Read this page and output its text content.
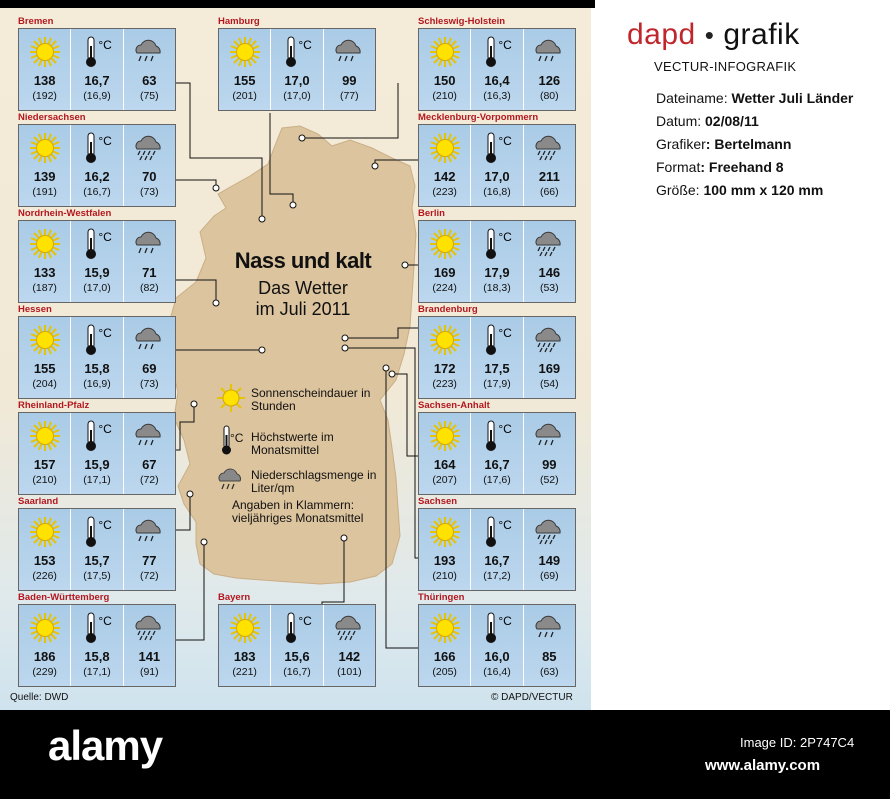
Nass und kalt
Das Wetter
im Juli 2011
Sonnenscheindauer in Stunden
°C Höchstwerte im Monatsmittel
Niederschlagsmenge in Liter/qm
Angaben in Klammern: vieljähriges Monatsmittel
Quelle: DWD	© DAPD/VECTUR
Bremen
138
(192)
°C
16,7
(16,9)
63
(75)
Hamburg
155
(201)
°C
17,0
(17,0)
99
(77)
Schleswig-Holstein
150
(210)
°C
16,4
(16,3)
126
(80)
Niedersachsen
139
(191)
°C
16,2
(16,7)
70
(73)
Mecklenburg-Vorpommern
142
(223)
°C
17,0
(16,8)
211
(66)
Nordrhein-Westfalen
133
(187)
°C
15,9
(17,0)
71
(82)
Berlin
169
(224)
°C
17,9
(18,3)
146
(53)
Hessen
155
(204)
°C
15,8
(16,9)
69
(73)
Brandenburg
172
(223)
°C
17,5
(17,9)
169
(54)
Rheinland-Pfalz
157
(210)
°C
15,9
(17,1)
67
(72)
Sachsen-Anhalt
164
(207)
°C
16,7
(17,6)
99
(52)
Saarland
153
(226)
°C
15,7
(17,5)
77
(72)
Sachsen
193
(210)
°C
16,7
(17,2)
149
(69)
Baden-Württemberg
186
(229)
°C
15,8
(17,1)
141
(91)
Bayern
183
(221)
°C
15,6
(16,7)
142
(101)
Thüringen
166
(205)
°C
16,0
(16,4)
85
(63)
dapd • grafik
VECTUR-INFOGRAFIK
Dateiname: Wetter Juli Länder
Datum: 02/08/11
Grafiker: Bertelmann
Format: Freehand 8
Größe: 100 mm x 120 mm
alamy	Image ID: 2P747C4
www.alamy.com
